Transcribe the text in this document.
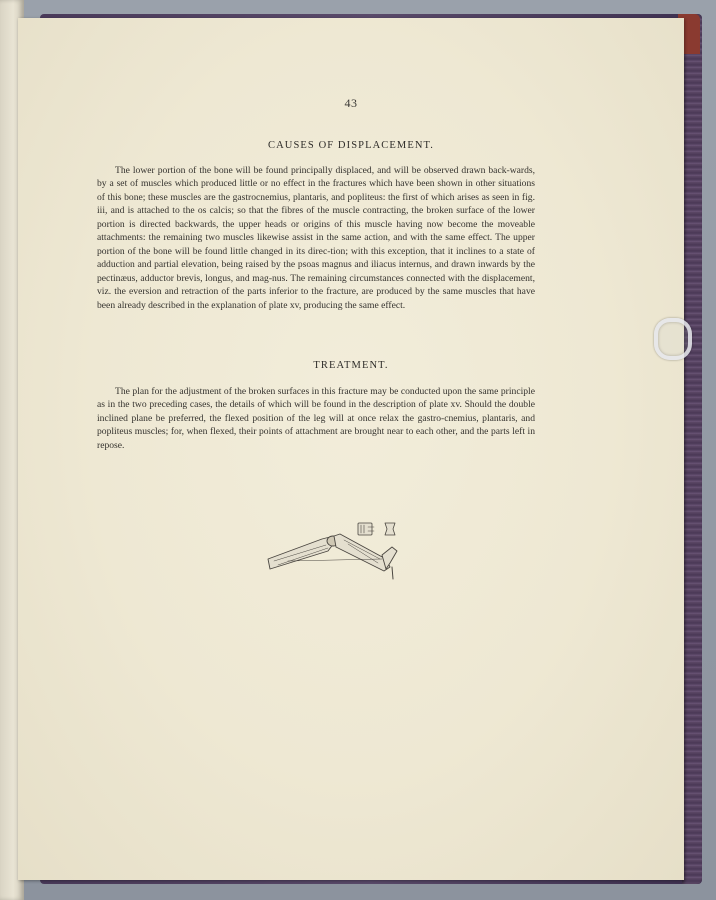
43
CAUSES OF DISPLACEMENT.

The lower portion of the bone will be found principally displaced, and will be observed drawn back-wards, by a set of muscles which produced little or no effect in the fractures which have been shown in other situations of this bone; these muscles are the gastrocnemius, plantaris, and popliteus: the first of which arises as seen in fig. iii, and is attached to the os calcis; so that the fibres of the muscle contracting, the broken surface of the lower portion is directed backwards, the upper heads or origins of this muscle having now become the moveable attachments: the remaining two muscles likewise assist in the same action, and with the same effect. The upper portion of the bone will be found little changed in its direc-tion; with this exception, that it inclines to a state of adduction and partial elevation, being raised by the psoas magnus and iliacus internus, and drawn inwards by the pectinæus, adductor brevis, longus, and mag-nus. The remaining circumstances connected with the displacement, viz. the eversion and retraction of the parts inferior to the fracture, are produced by the same muscles that have been already described in the explanation of plate xv, producing the same effect.

TREATMENT.

The plan for the adjustment of the broken surfaces in this fracture may be conducted upon the same principle as in the two preceding cases, the details of which will be found in the description of plate xv. Should the double inclined plane be preferred, the flexed position of the leg will at once relax the gastro-cnemius, plantaris, and popliteus muscles; for, when flexed, their points of attachment are brought near to each other, and the parts left in repose.
